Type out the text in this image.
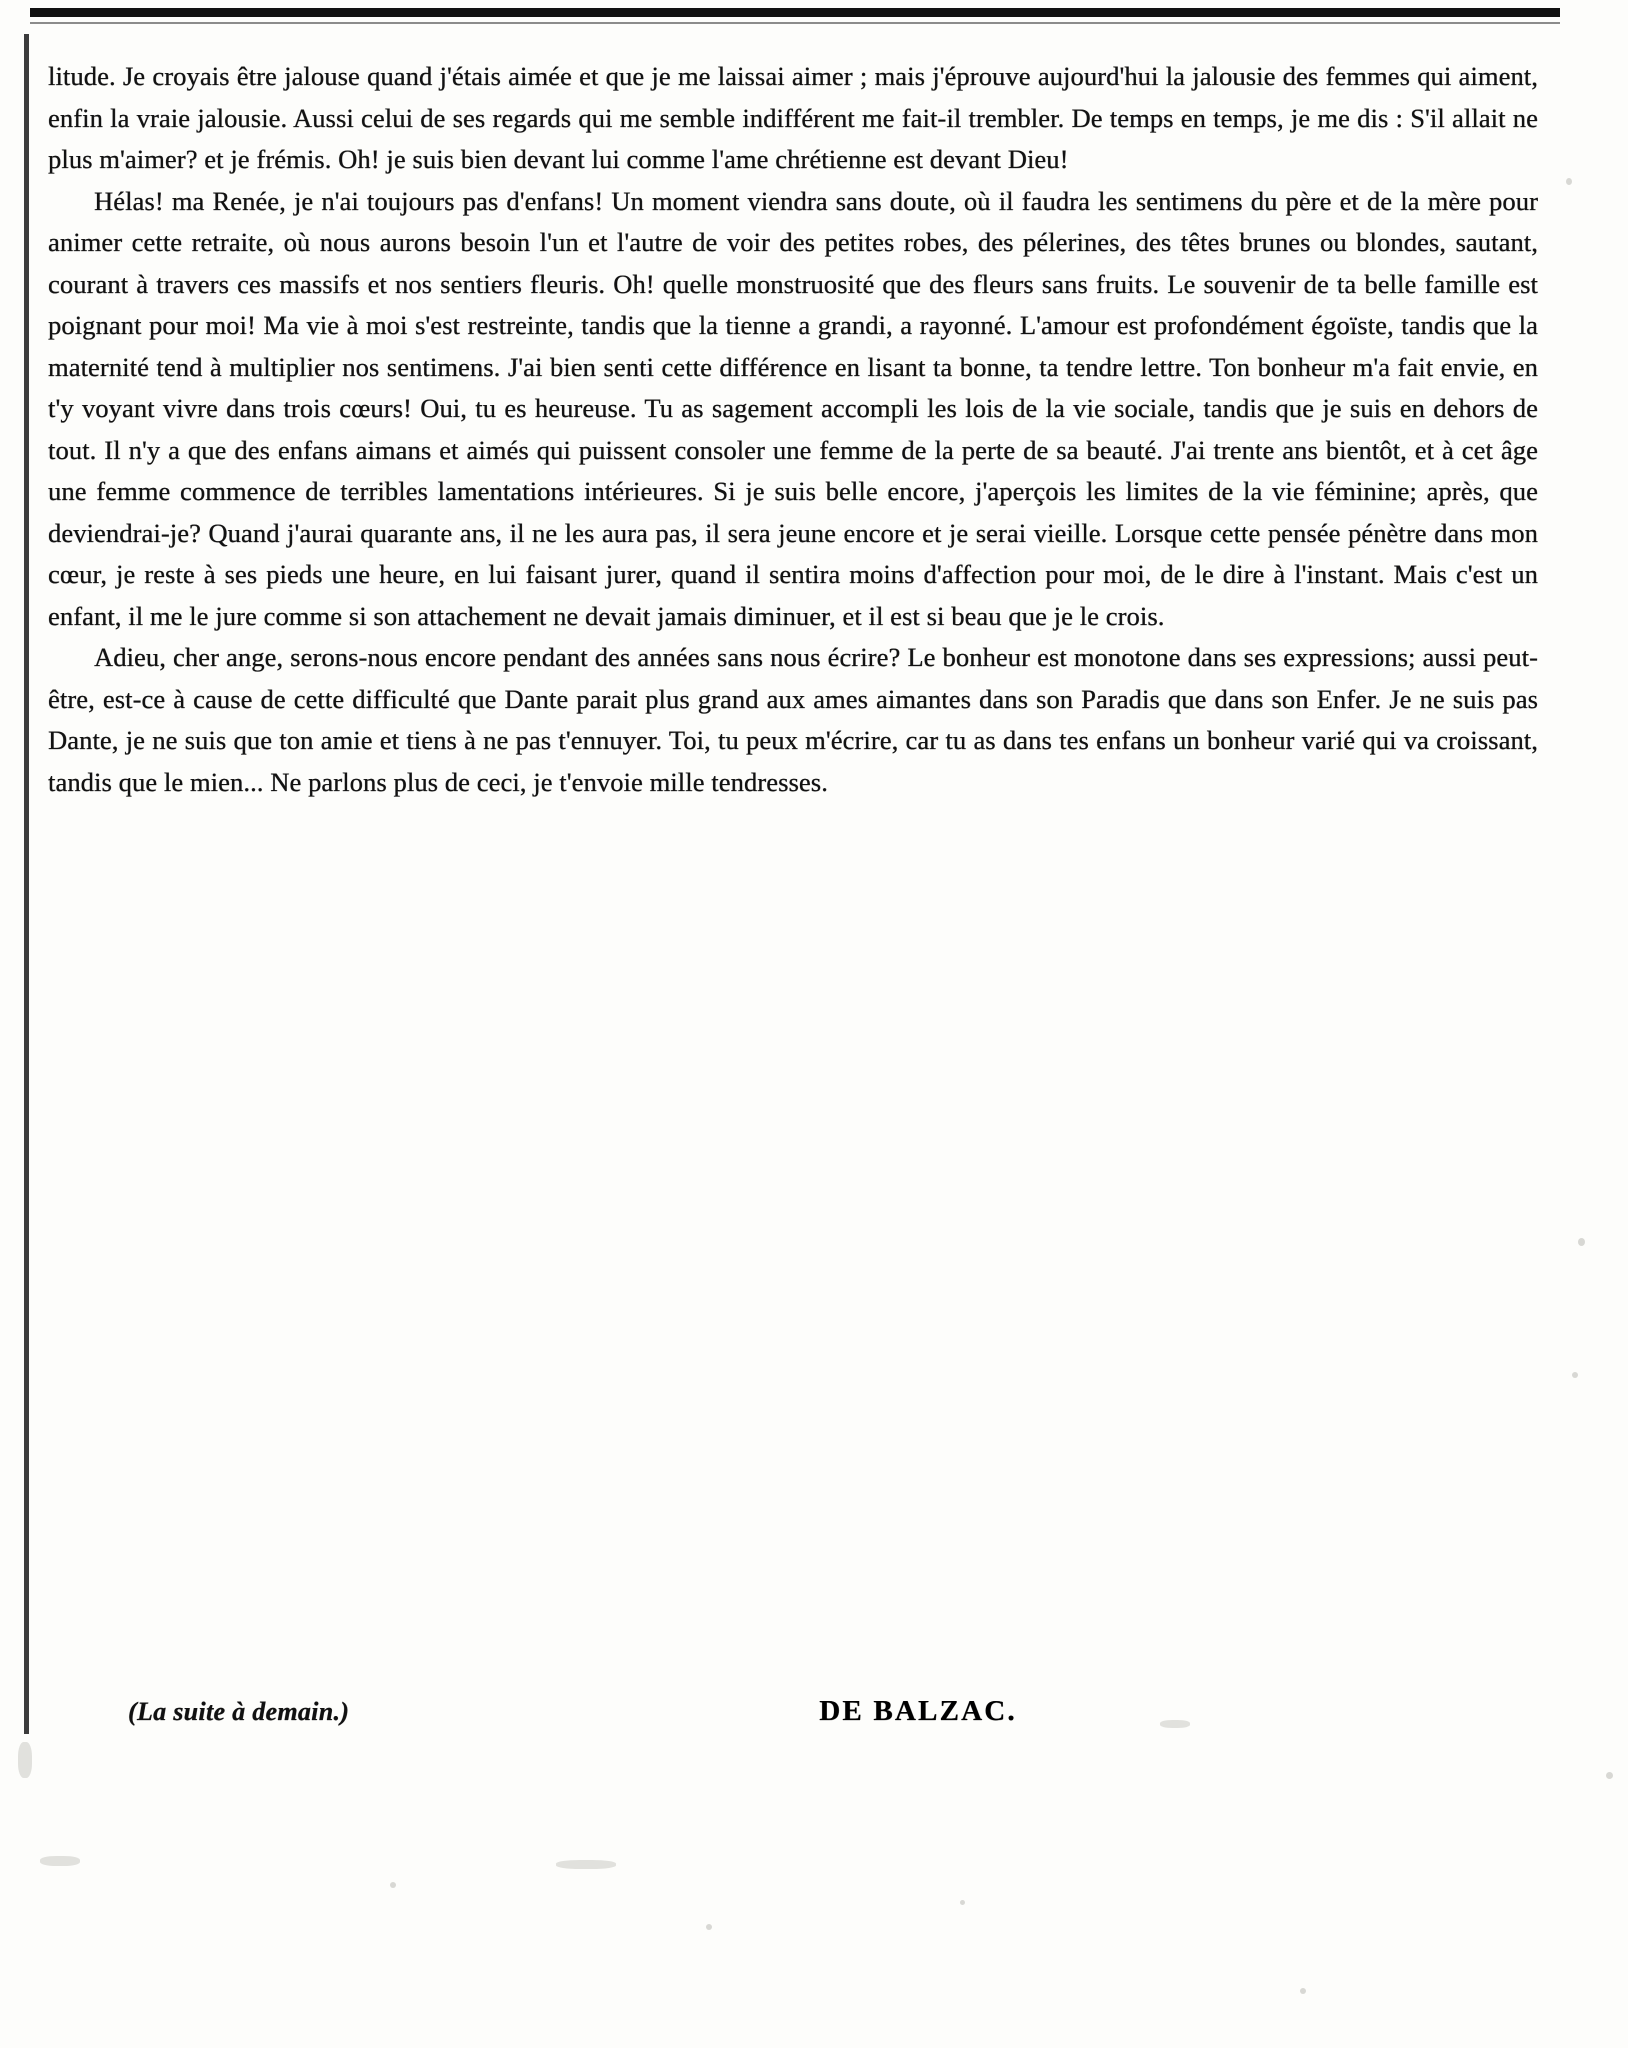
litude. Je croyais être jalouse quand j'étais aimée et que je me laissai aimer ; mais j'éprouve aujourd'hui la jalousie des femmes qui aiment, enfin la vraie jalousie. Aussi celui de ses regards qui me semble indifférent me fait-il trembler. De temps en temps, je me dis : S'il allait ne plus m'aimer? et je frémis. Oh! je suis bien devant lui comme l'ame chrétienne est devant Dieu!

Hélas! ma Renée, je n'ai toujours pas d'enfans! Un moment viendra sans doute, où il faudra les sentimens du père et de la mère pour animer cette retraite, où nous aurons besoin l'un et l'autre de voir des petites robes, des pélerines, des têtes brunes ou blondes, sautant, courant à travers ces massifs et nos sentiers fleuris. Oh! quelle monstruosité que des fleurs sans fruits. Le souvenir de ta belle famille est poignant pour moi! Ma vie à moi s'est restreinte, tandis que la tienne a grandi, a rayonné. L'amour est profondément égoïste, tandis que la maternité tend à multiplier nos sentimens. J'ai bien senti cette différence en lisant ta bonne, ta tendre lettre. Ton bonheur m'a fait envie, en t'y voyant vivre dans trois cœurs! Oui, tu es heureuse. Tu as sagement accompli les lois de la vie sociale, tandis que je suis en dehors de tout. Il n'y a que des enfans aimans et aimés qui puissent consoler une femme de la perte de sa beauté. J'ai trente ans bientôt, et à cet âge une femme commence de terribles lamentations intérieures. Si je suis belle encore, j'aperçois les limites de la vie féminine; après, que deviendrai-je? Quand j'aurai quarante ans, il ne les aura pas, il sera jeune encore et je serai vieille. Lorsque cette pensée pénètre dans mon cœur, je reste à ses pieds une heure, en lui faisant jurer, quand il sentira moins d'affection pour moi, de le dire à l'instant. Mais c'est un enfant, il me le jure comme si son attachement ne devait jamais diminuer, et il est si beau que je le crois.

Adieu, cher ange, serons-nous encore pendant des années sans nous écrire? Le bonheur est monotone dans ses expressions; aussi peut-être, est-ce à cause de cette difficulté que Dante parait plus grand aux ames aimantes dans son Paradis que dans son Enfer. Je ne suis pas Dante, je ne suis que ton amie et tiens à ne pas t'ennuyer. Toi, tu peux m'écrire, car tu as dans tes enfans un bonheur varié qui va croissant, tandis que le mien... Ne parlons plus de ceci, je t'envoie mille tendresses.

(La suite à demain.)	DE BALZAC.
